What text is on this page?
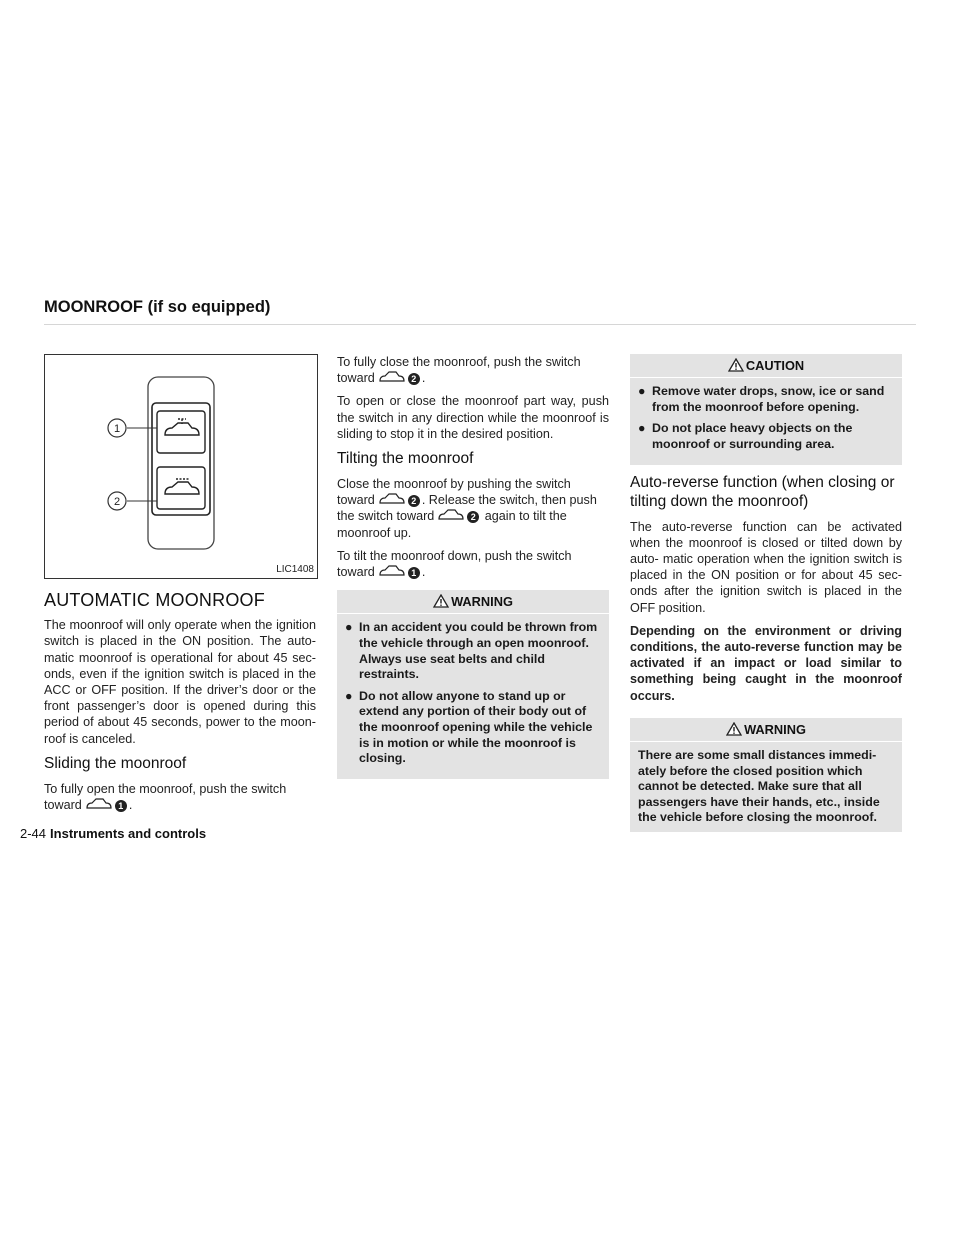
MOONROOF (if so equipped)
1
2
LIC1408
AUTOMATIC MOONROOF

The moonroof will only operate when the ignition switch is placed in the ON position. The auto- matic moonroof is operational for about 45 sec- onds, even if the ignition switch is placed in the ACC or OFF position. If the driver’s door or the front passenger’s door is opened during this period of about 45 seconds, power to the moon- roof is canceled.

Sliding the moonroof

To fully open the moonroof, push the switch toward	1 .

To fully close the moonroof, push the switch toward	2 .

To open or close the moonroof part way, push the switch in any direction while the moonroof is sliding to stop it in the desired position.

Tilting the moonroof

Close the moonroof by pushing the switch toward	2 . Release the switch, then push the switch toward	2 again to tilt the moonroof up.

To tilt the moonroof down, push the switch toward	1 .

WARNING
● In an accident you could be thrown from the vehicle through an open moonroof. Always use seat belts and child restraints.
● Do not allow anyone to stand up or extend any portion of their body out of the moonroof opening while the vehicle is in motion or while the moonroof is closing.
CAUTION
● Remove water drops, snow, ice or sand from the moonroof before opening.
● Do not place heavy objects on the moonroof or surrounding area.
Auto-reverse function (when closing or tilting down the moonroof)

The auto-reverse function can be activated when the moonroof is closed or tilted down by auto- matic operation when the ignition switch is placed in the ON position or for about 45 sec- onds after the ignition switch is placed in the OFF position.

Depending on the environment or driving conditions, the auto-reverse function may be activated if an impact or load similar to something being caught in the moonroof occurs.

WARNING
There are some small distances immedi- ately before the closed position which cannot be detected. Make sure that all passengers have their hands, etc., inside the vehicle before closing the moonroof.
2-44 Instruments and controls
